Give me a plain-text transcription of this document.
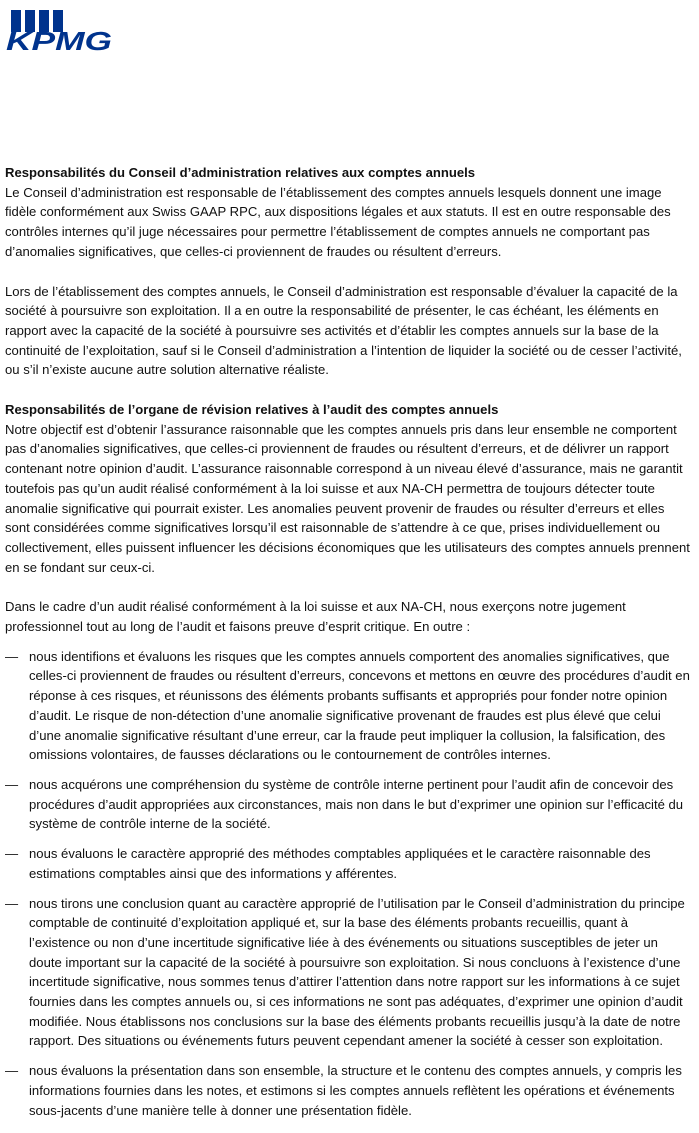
KPMG

Responsabilités du Conseil d’administration relatives aux comptes annuels

Le Conseil d’administration est responsable de l’établissement des comptes annuels lesquels donnent une image fidèle conformément aux Swiss GAAP RPC, aux dispositions légales et aux statuts. Il est en outre responsable des contrôles internes qu’il juge nécessaires pour permettre l’établissement de comptes annuels ne comportant pas d’anomalies significatives, que celles-ci proviennent de fraudes ou résultent d’erreurs.

Lors de l’établissement des comptes annuels, le Conseil d’administration est responsable d’évaluer la capacité de la société à poursuivre son exploitation. Il a en outre la responsabilité de présenter, le cas échéant, les éléments en rapport avec la capacité de la société à poursuivre ses activités et d’établir les comptes annuels sur la base de la continuité de l’exploitation, sauf si le Conseil d’administration a l’intention de liquider la société ou de cesser l’activité, ou s’il n’existe aucune autre solution alternative réaliste.

Responsabilités de l’organe de révision relatives à l’audit des comptes annuels

Notre objectif est d’obtenir l’assurance raisonnable que les comptes annuels pris dans leur ensemble ne comportent pas d’anomalies significatives, que celles-ci proviennent de fraudes ou résultent d’erreurs, et de délivrer un rapport contenant notre opinion d’audit. L’assurance raisonnable correspond à un niveau élevé d’assurance, mais ne garantit toutefois pas qu’un audit réalisé conformément à la loi suisse et aux NA-CH permettra de toujours détecter toute anomalie significative qui pourrait exister. Les anomalies peuvent provenir de fraudes ou résulter d’erreurs et elles sont considérées comme significatives lorsqu’il est raisonnable de s’attendre à ce que, prises individuellement ou collectivement, elles puissent influencer les décisions économiques que les utilisateurs des comptes annuels prennent en se fondant sur ceux-ci.

Dans le cadre d’un audit réalisé conformément à la loi suisse et aux NA-CH, nous exerçons notre jugement professionnel tout au long de l’audit et faisons preuve d’esprit critique. En outre :

— nous identifions et évaluons les risques que les comptes annuels comportent des anomalies significatives, que celles-ci proviennent de fraudes ou résultent d’erreurs, concevons et mettons en œuvre des procédures d’audit en réponse à ces risques, et réunissons des éléments probants suffisants et appropriés pour fonder notre opinion d’audit. Le risque de non-détection d’une anomalie significative provenant de fraudes est plus élevé que celui d’une anomalie significative résultant d’une erreur, car la fraude peut impliquer la collusion, la falsification, des omissions volontaires, de fausses déclarations ou le contournement de contrôles internes.
— nous acquérons une compréhension du système de contrôle interne pertinent pour l’audit afin de concevoir des procédures d’audit appropriées aux circonstances, mais non dans le but d’exprimer une opinion sur l’efficacité du système de contrôle interne de la société.
— nous évaluons le caractère approprié des méthodes comptables appliquées et le caractère raisonnable des estimations comptables ainsi que des informations y afférentes.
— nous tirons une conclusion quant au caractère approprié de l’utilisation par le Conseil d’administration du principe comptable de continuité d’exploitation appliqué et, sur la base des éléments probants recueillis, quant à l’existence ou non d’une incertitude significative liée à des événements ou situations susceptibles de jeter un doute important sur la capacité de la société à poursuivre son exploitation. Si nous concluons à l’existence d’une incertitude significative, nous sommes tenus d’attirer l’attention dans notre rapport sur les informations à ce sujet fournies dans les comptes annuels ou, si ces informations ne sont pas adéquates, d’exprimer une opinion d’audit modifiée. Nous établissons nos conclusions sur la base des éléments probants recueillis jusqu’à la date de notre rapport. Des situations ou événements futurs peuvent cependant amener la société à cesser son exploitation.
— nous évaluons la présentation dans son ensemble, la structure et le contenu des comptes annuels, y compris les informations fournies dans les notes, et estimons si les comptes annuels reflètent les opérations et événements sous-jacents d’une manière telle à donner une présentation fidèle.
